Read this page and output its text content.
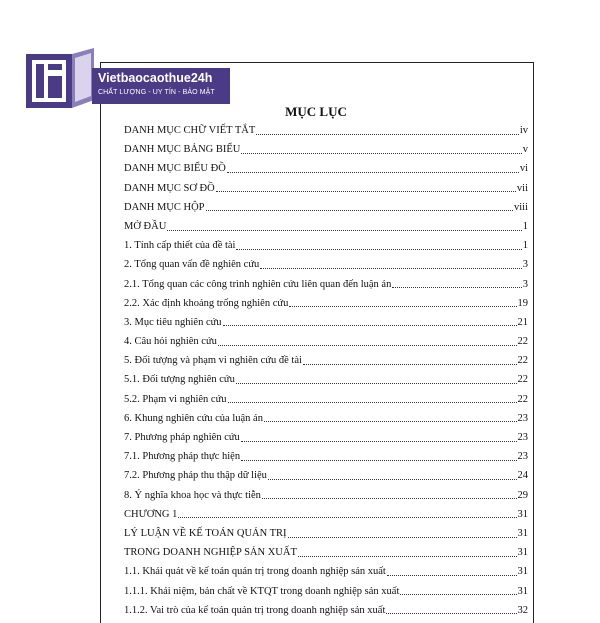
Vietbaocaothue24h
CHẤT LƯỢNG - UY TÍN - BẢO MẬT
MỤC LỤC
DANH MỤC CHỮ VIẾT TẮT	iv
DANH MỤC BẢNG BIỂU	v
DANH MỤC BIỂU ĐỒ	vi
DANH MỤC SƠ ĐỒ	vii
DANH MỤC HỘP	viii
MỞ ĐẦU	1
1. Tính cấp thiết của đề tài	1
2. Tổng quan vấn đề nghiên cứu	3
2.1. Tổng quan các công trình nghiên cứu liên quan đến luận án	3
2.2. Xác định khoảng trống nghiên cứu	19
3. Mục tiêu nghiên cứu	21
4. Câu hỏi nghiên cứu	22
5. Đối tượng và phạm vi nghiên cứu đề tài	22
5.1. Đối tượng nghiên cứu	22
5.2. Phạm vi nghiên cứu	22
6. Khung nghiên cứu của luận án	23
7. Phương pháp nghiên cứu	23
7.1. Phương pháp thực hiện	23
7.2. Phương pháp thu thập dữ liệu	24
8. Ý nghĩa khoa học và thực tiễn	29
CHƯƠNG 1	31
LÝ LUẬN VỀ KẾ TOÁN QUẢN TRỊ	31
TRONG DOANH NGHIỆP SẢN XUẤT	31
1.1. Khái quát về kế toán quản trị trong doanh nghiệp sản xuất	31
1.1.1. Khái niệm, bản chất về KTQT trong doanh nghiệp sản xuất	31
1.1.2. Vai trò của kế toán quản trị trong doanh nghiệp sản xuất	32
